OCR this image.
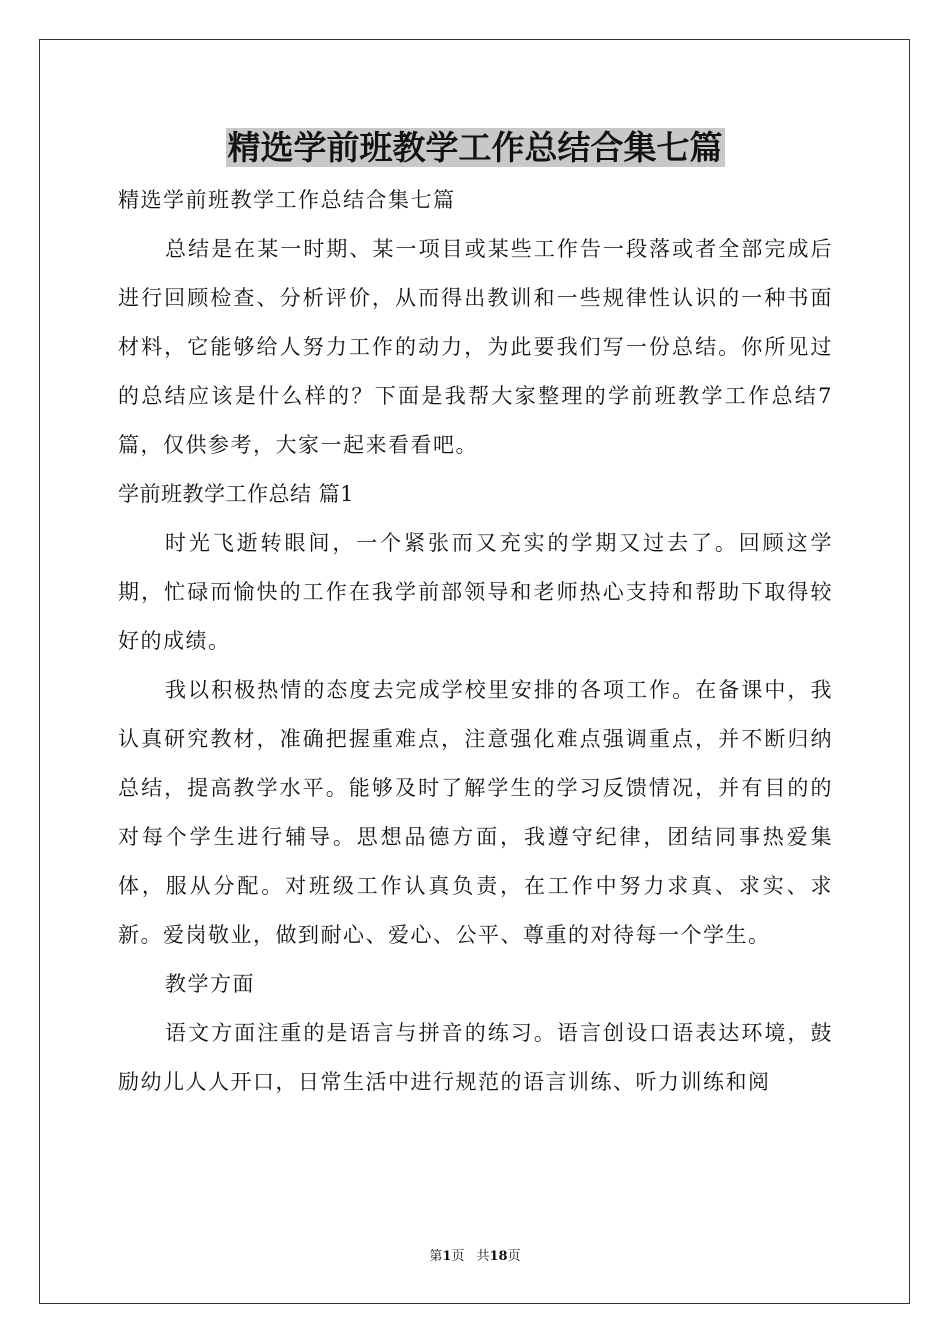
精选学前班教学工作总结合集七篇

精选学前班教学工作总结合集七篇

总结是在某一时期、某一项目或某些工作告一段落或者全部完成后进行回顾检查、分析评价，从而得出教训和一些规律性认识的一种书面材料，它能够给人努力工作的动力，为此要我们写一份总结。你所见过的总结应该是什么样的？下面是我帮大家整理的学前班教学工作总结7篇，仅供参考，大家一起来看看吧。

学前班教学工作总结 篇1

时光飞逝转眼间，一个紧张而又充实的学期又过去了。回顾这学期，忙碌而愉快的工作在我学前部领导和老师热心支持和帮助下取得较好的成绩。

我以积极热情的态度去完成学校里安排的各项工作。在备课中，我认真研究教材，准确把握重难点，注意强化难点强调重点，并不断归纳总结，提高教学水平。能够及时了解学生的学习反馈情况，并有目的的对每个学生进行辅导。思想品德方面，我遵守纪律，团结同事热爱集体，服从分配。对班级工作认真负责，在工作中努力求真、求实、求新。爱岗敬业，做到耐心、爱心、公平、尊重的对待每一个学生。

教学方面

语文方面注重的是语言与拼音的练习。语言创设口语表达环境，鼓励幼儿人人开口，日常生活中进行规范的语言训练、听力训练和阅

第1页 共18页
